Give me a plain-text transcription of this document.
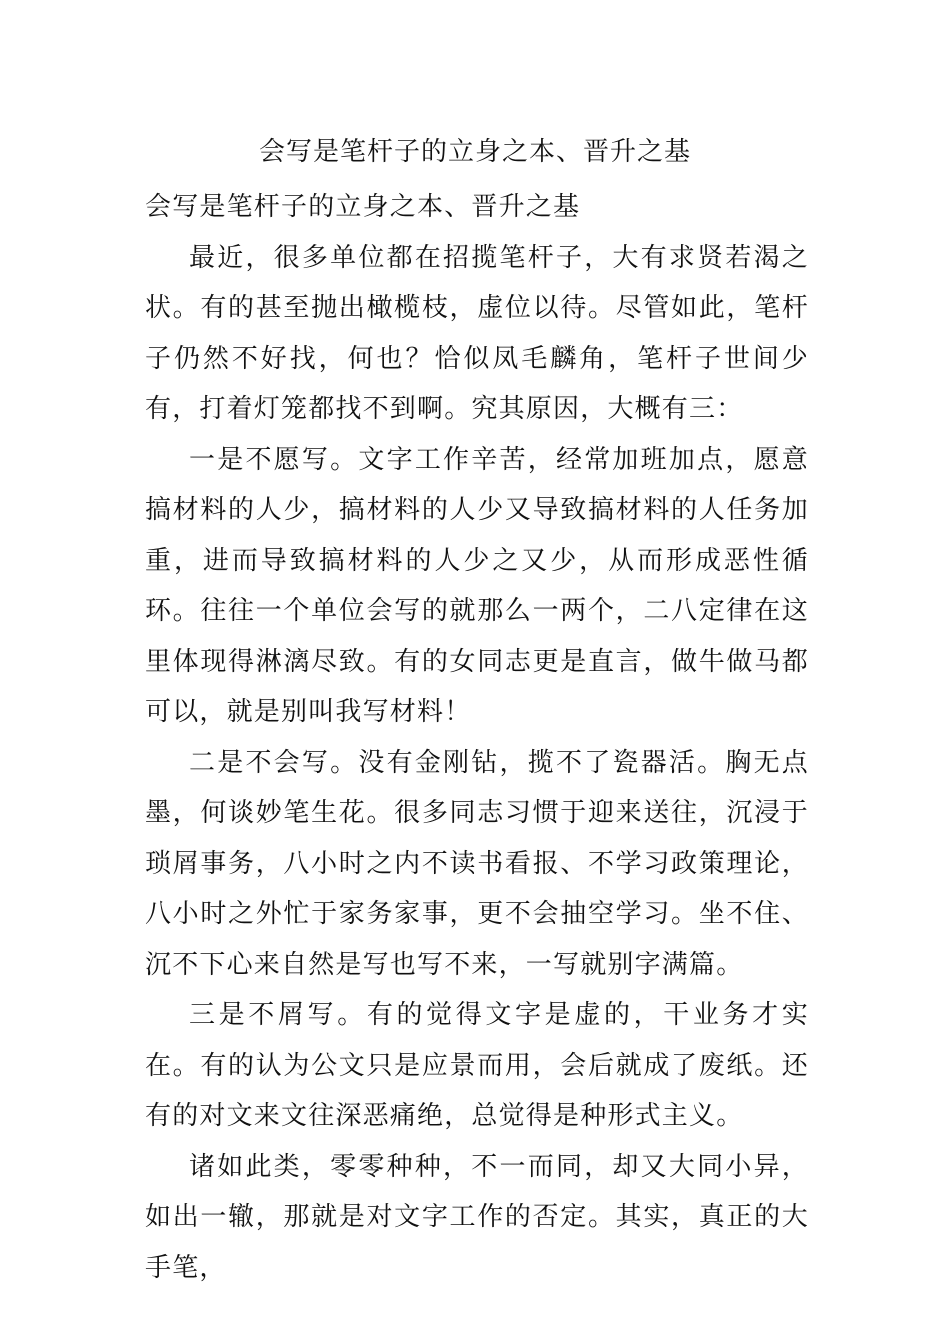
会写是笔杆子的立身之本、晋升之基

会写是笔杆子的立身之本、晋升之基

最近，很多单位都在招揽笔杆子，大有求贤若渴之状。有的甚至抛出橄榄枝，虚位以待。尽管如此，笔杆子仍然不好找，何也？恰似凤毛麟角，笔杆子世间少有，打着灯笼都找不到啊。究其原因，大概有三：

一是不愿写。文字工作辛苦，经常加班加点，愿意搞材料的人少，搞材料的人少又导致搞材料的人任务加重，进而导致搞材料的人少之又少，从而形成恶性循环。往往一个单位会写的就那么一两个，二八定律在这里体现得淋漓尽致。有的女同志更是直言，做牛做马都可以，就是别叫我写材料！

二是不会写。没有金刚钻，揽不了瓷器活。胸无点墨，何谈妙笔生花。很多同志习惯于迎来送往，沉浸于琐屑事务，八小时之内不读书看报、不学习政策理论，八小时之外忙于家务家事，更不会抽空学习。坐不住、沉不下心来自然是写也写不来，一写就别字满篇。

三是不屑写。有的觉得文字是虚的，干业务才实在。有的认为公文只是应景而用，会后就成了废纸。还有的对文来文往深恶痛绝，总觉得是种形式主义。

诸如此类，零零种种，不一而同，却又大同小异，如出一辙，那就是对文字工作的否定。其实，真正的大手笔，
